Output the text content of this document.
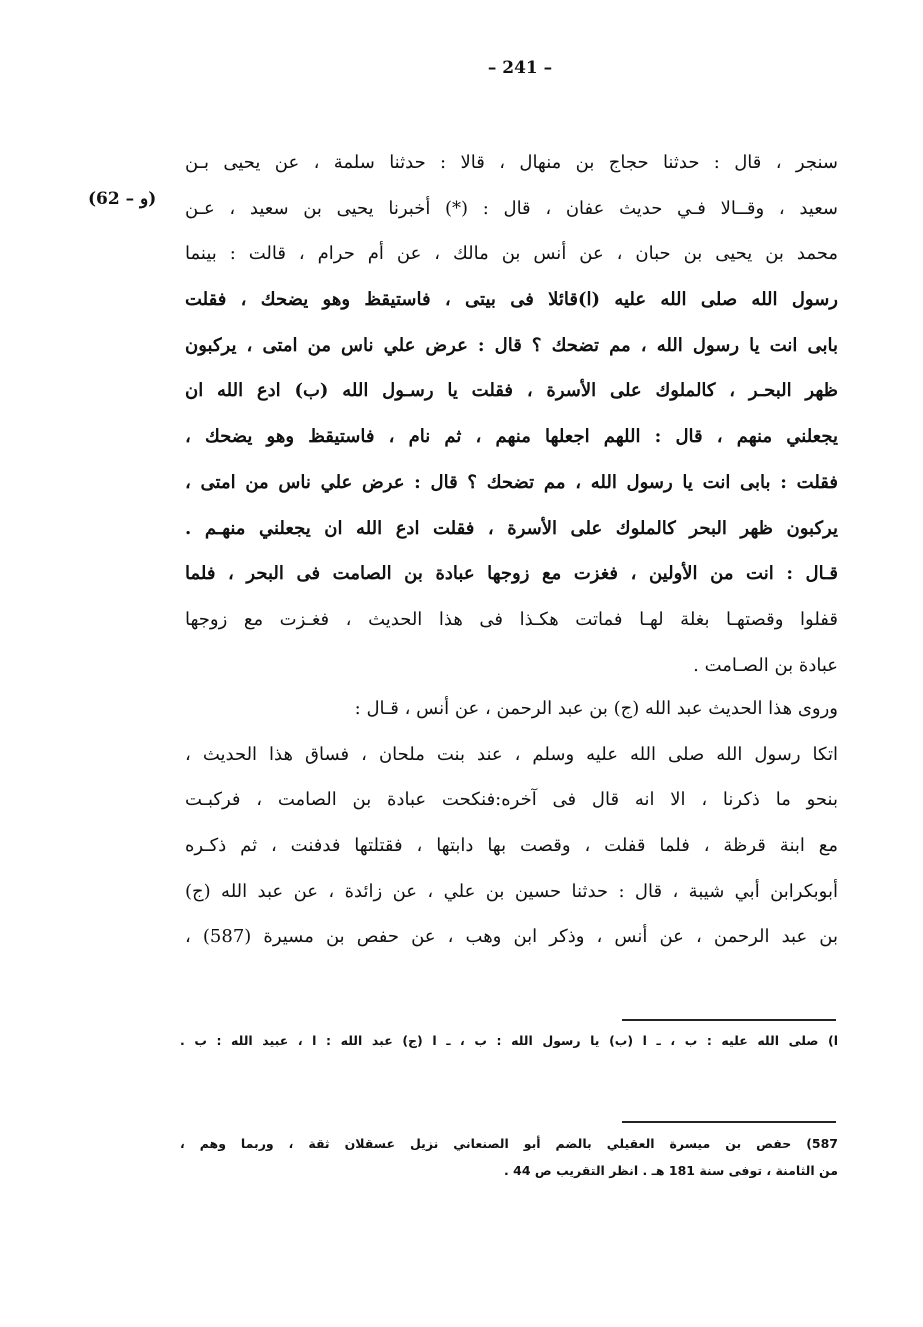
– 241 –
(62 – و)
سنجر ، قال : حدثنا حجاج بن منهال ، قالا : حدثنا سلمة ، عن يحيى بـن
سعيد ، وقــالا فـي حديث عفان ، قال : (*) أخبرنا يحيى بن سعيد ، عـن
محمد بن يحيى بن حبان ، عن أنس بن مالك ، عن أم حرام ، قالت : بينما
رسول الله صلى الله عليه (ا)قائلا فى بيتى ، فاستيقظ وهو يضحك ، فقلت
بابى انت يا رسول الله ، مم تضحك ؟ قال : عرض علي ناس من امتى ، يركبون
ظهر البحـر ، كالملوك على الأسرة ، فقلت يا رسـول الله (ب) ادع الله ان
يجعلني منهم ، قال : اللهم اجعلها منهم ، ثم نام ، فاستيقظ وهو يضحك ،
فقلت : بابى انت يا رسول الله ، مم تضحك ؟ قال : عرض علي ناس من امتى ،
يركبون ظهر البحر كالملوك على الأسرة ، فقلت ادع الله ان يجعلني منهـم .
قـال : انت من الأولين ، فغزت مع زوجها عبادة بن الصامت فى البحر ، فلما
قفلوا وقصتهـا بغلة لهـا فماتت هكـذا فى هذا الحديث ، فغـزت مع زوجها
عبادة بن الصـامت .
وروى هذا الحديث عبد الله (ج) بن عبد الرحمن ، عن أنس ، قـال :
اتكا رسول الله صلى الله عليه وسلم ، عند بنت ملحان ، فساق هذا الحديث ،
بنحو ما ذكرنا ، الا انه قال فى آخره:فنكحت عبادة بن الصامت ، فركبـت
مع ابنة قرظة ، فلما قفلت ، وقصت بها دابتها ، فقتلتها فدفنت ، ثم ذكـره
أبوبكرابن أبي شيبة ، قال : حدثنا حسين بن علي ، عن زائدة ، عن عبد الله (ج)
بن عبد الرحمن ، عن أنس ، وذكر ابن وهب ، عن حفص بن مسيرة (587) ،
ا) صلى الله عليه : ب ، ـ ا (ب) يا رسول الله : ب ، ـ ا (ج) عبد الله : ا ، عبيد الله : ب .
587) حفص بن ميسرة العقيلي بالضم أبو الصنعاني نزيل عسقلان ثقة ، وربما وهم ،
من الثامنة ، توفى سنة 181 هـ . انظر التقريب ص 44 .
